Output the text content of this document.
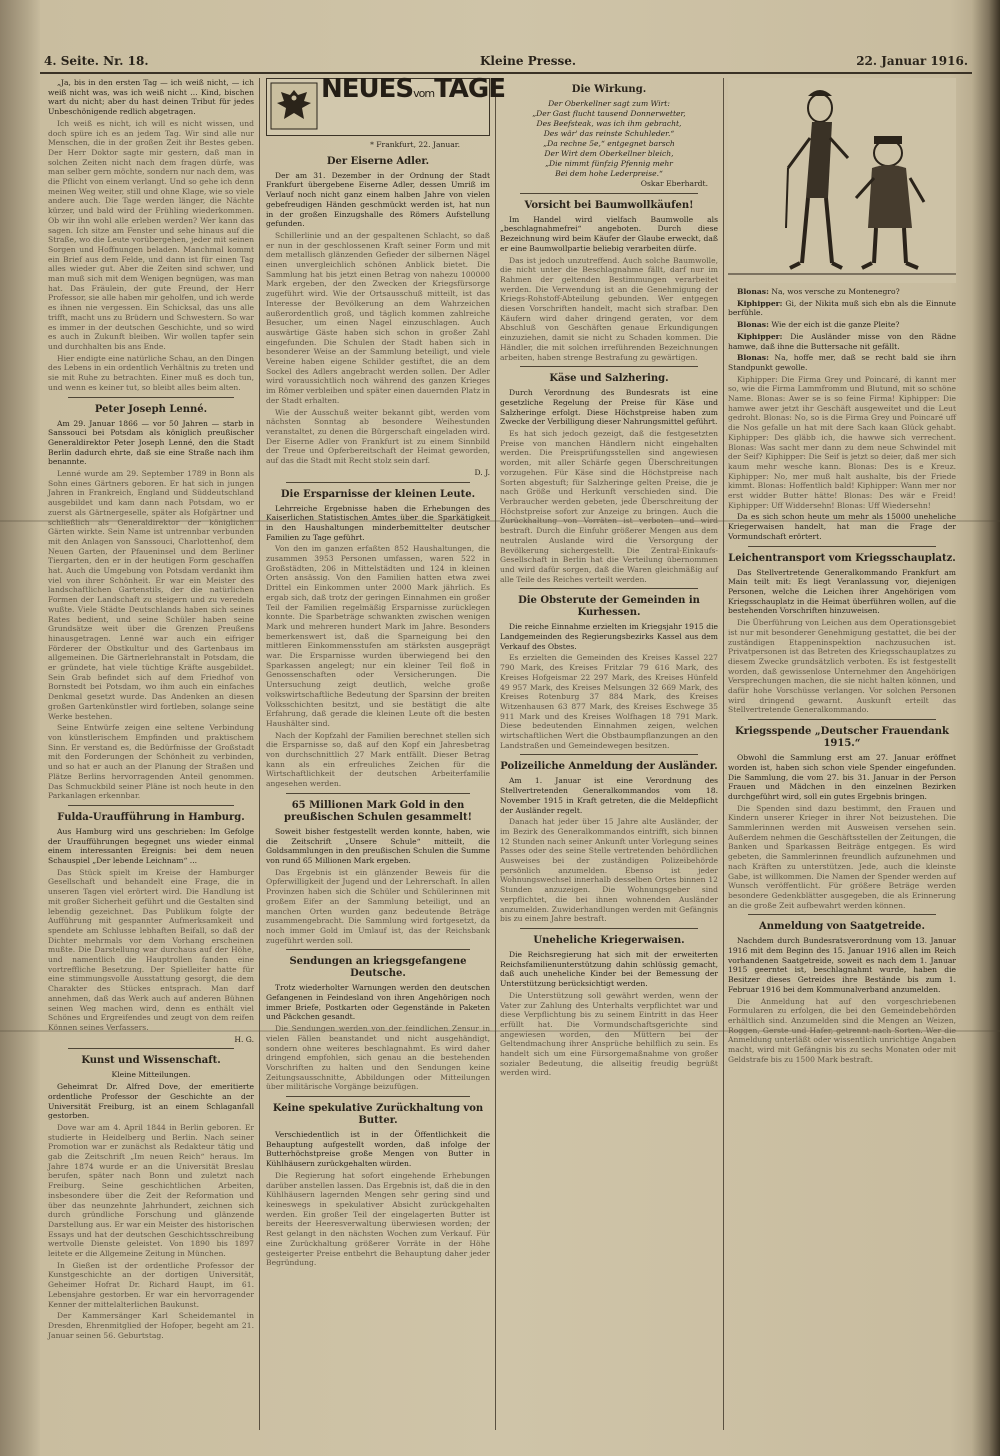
4. Seite. Nr. 18.	Kleine Presse.	22. Januar 1916.

„Ja, bis in den ersten Tag — ich weiß nicht, — ich weiß nicht was, was ich weiß nicht … Kind, bischen wart du nicht; aber du hast deinen Tribut für jedes Unbeschönigende redlich abgetragen.

Ich weiß es nicht, ich will es nicht wissen, und doch spüre ich es an jedem Tag. Wir sind alle nur Menschen, die in der großen Zeit ihr Bestes geben. Der Herr Doktor sagte mir gestern, daß man in solchen Zeiten nicht nach dem fragen dürfe, was man selber gern möchte, sondern nur nach dem, was die Pflicht von einem verlangt. Und so gehe ich denn meinen Weg weiter, still und ohne Klage, wie so viele andere auch. Die Tage werden länger, die Nächte kürzer, und bald wird der Frühling wiederkommen. Ob wir ihn wohl alle erleben werden? Wer kann das sagen. Ich sitze am Fenster und sehe hinaus auf die Straße, wo die Leute vorübergehen, jeder mit seinen Sorgen und Hoffnungen beladen. Manchmal kommt ein Brief aus dem Felde, und dann ist für einen Tag alles wieder gut. Aber die Zeiten sind schwer, und man muß sich mit dem Wenigen begnügen, was man hat. Das Fräulein, der gute Freund, der Herr Professor, sie alle haben mir geholfen, und ich werde es ihnen nie vergessen. Ein Schicksal, das uns alle trifft, macht uns zu Brüdern und Schwestern. So war es immer in der deutschen Geschichte, und so wird es auch in Zukunft bleiben. Wir wollen tapfer sein und durchhalten bis ans Ende.

Hier endigte eine natürliche Schau, an den Dingen des Lebens in ein ordentlich Verhältnis zu treten und sie mit Ruhe zu betrachten. Einer muß es doch tun, und wenn es keiner tut, so bleibt alles beim alten.

Peter Joseph Lenné.

Am 29. Januar 1866 — vor 50 Jahren — starb in Sanssouci bei Potsdam als königlich preußischer Generaldirektor Peter Joseph Lenné, den die Stadt Berlin dadurch ehrte, daß sie eine Straße nach ihm benannte.

Lenné wurde am 29. September 1789 in Bonn als Sohn eines Gärtners geboren. Er hat sich in jungen Jahren in Frankreich, England und Süddeutschland ausgebildet und kam dann nach Potsdam, wo er zuerst als Gärtnergeselle, später als Hofgärtner und schließlich als Generaldirektor der königlichen Gärten wirkte. Sein Name ist untrennbar verbunden mit den Anlagen von Sanssouci, Charlottenhof, dem Neuen Garten, der Pfaueninsel und dem Berliner Tiergarten, den er in der heutigen Form geschaffen hat. Auch die Umgebung von Potsdam verdankt ihm viel von ihrer Schönheit. Er war ein Meister des landschaftlichen Gartenstils, der die natürlichen Formen der Landschaft zu steigern und zu veredeln wußte. Viele Städte Deutschlands haben sich seines Rates bedient, und seine Schüler haben seine Grundsätze weit über die Grenzen Preußens hinausgetragen. Lenné war auch ein eifriger Förderer der Obstkultur und des Gartenbaus im allgemeinen. Die Gärtnerlehranstalt in Potsdam, die er gründete, hat viele tüchtige Kräfte ausgebildet. Sein Grab befindet sich auf dem Friedhof von Bornstedt bei Potsdam, wo ihm auch ein einfaches Denkmal gesetzt wurde. Das Andenken an diesen großen Gartenkünstler wird fortleben, solange seine Werke bestehen.

Seine Entwürfe zeigen eine seltene Verbindung von künstlerischem Empfinden und praktischem Sinn. Er verstand es, die Bedürfnisse der Großstadt mit den Forderungen der Schönheit zu verbinden, und so hat er auch an der Planung der Straßen und Plätze Berlins hervorragenden Anteil genommen. Das Schmuckbild seiner Pläne ist noch heute in den Parkanlagen erkennbar.

Fulda-Uraufführung in Hamburg.

Aus Hamburg wird uns geschrieben: Im Gefolge der Uraufführungen begegnet uns wieder einmal einem interessanten Ereignis: bei dem neuen Schauspiel „Der lebende Leichnam“ ...

Das Stück spielt im Kreise der Hamburger Gesellschaft und behandelt eine Frage, die in unseren Tagen viel erörtert wird. Die Handlung ist mit großer Sicherheit geführt und die Gestalten sind lebendig gezeichnet. Das Publikum folgte der Aufführung mit gespannter Aufmerksamkeit und spendete am Schlusse lebhaften Beifall, so daß der Dichter mehrmals vor dem Vorhang erscheinen mußte. Die Darstellung war durchaus auf der Höhe, und namentlich die Hauptrollen fanden eine vortreffliche Besetzung. Der Spielleiter hatte für eine stimmungsvolle Ausstattung gesorgt, die dem Charakter des Stückes entsprach. Man darf annehmen, daß das Werk auch auf anderen Bühnen seinen Weg machen wird, denn es enthält viel Schönes und Ergreifendes und zeugt von dem reifen Können seines Verfassers.

H. G.
Kunst und Wissenschaft.
Kleine Mitteilungen.

Geheimrat Dr. Alfred Dove, der emeritierte ordentliche Professor der Geschichte an der Universität Freiburg, ist an einem Schlaganfall gestorben.

Dove war am 4. April 1844 in Berlin geboren. Er studierte in Heidelberg und Berlin. Nach seiner Promotion war er zunächst als Redakteur tätig und gab die Zeitschrift „Im neuen Reich“ heraus. Im Jahre 1874 wurde er an die Universität Breslau berufen, später nach Bonn und zuletzt nach Freiburg. Seine geschichtlichen Arbeiten, insbesondere über die Zeit der Reformation und über das neunzehnte Jahrhundert, zeichnen sich durch gründliche Forschung und glänzende Darstellung aus. Er war ein Meister des historischen Essays und hat der deutschen Geschichtsschreibung wertvolle Dienste geleistet. Von 1890 bis 1897 leitete er die Allgemeine Zeitung in München.

In Gießen ist der ordentliche Professor der Kunstgeschichte an der dortigen Universität, Geheimer Hofrat Dr. Richard Haupt, im 61. Lebensjahre gestorben. Er war ein hervorragender Kenner der mittelalterlichen Baukunst.

Der Kammersänger Karl Scheidemantel in Dresden, Ehrenmitglied der Hofoper, begeht am 21. Januar seinen 56. Geburtstag.

NEUESvomTAGE
* Frankfurt, 22. Januar.
Der Eiserne Adler.

Der am 31. Dezember in der Ordnung der Stadt Frankfurt übergebene Eiserne Adler, dessen Umriß im Verlauf noch nicht ganz einem halben Jahre von vielen gebefreudigen Händen geschmückt werden ist, hat nun in der großen Einzugshalle des Römers Aufstellung gefunden.

Schillerlinie und an der gespaltenen Schlacht, so daß er nun in der geschlossenen Kraft seiner Form und mit dem metallisch glänzenden Gefieder der silbernen Nägel einen unvergleichlich schönen Anblick bietet. Die Sammlung hat bis jetzt einen Betrag von nahezu 100000 Mark ergeben, der den Zwecken der Kriegsfürsorge zugeführt wird. Wie der Ortsausschuß mitteilt, ist das Interesse der Bevölkerung an dem Wahrzeichen außerordentlich groß, und täglich kommen zahlreiche Besucher, um einen Nagel einzuschlagen. Auch auswärtige Gäste haben sich schon in großer Zahl eingefunden. Die Schulen der Stadt haben sich in besonderer Weise an der Sammlung beteiligt, und viele Vereine haben eigene Schilder gestiftet, die an dem Sockel des Adlers angebracht werden sollen. Der Adler wird voraussichtlich noch während des ganzen Krieges im Römer verbleiben und später einen dauernden Platz in der Stadt erhalten.

Wie der Ausschuß weiter bekannt gibt, werden vom nächsten Sonntag ab besondere Weihestunden veranstaltet, zu denen die Bürgerschaft eingeladen wird. Der Eiserne Adler von Frankfurt ist zu einem Sinnbild der Treue und Opferbereitschaft der Heimat geworden, auf das die Stadt mit Recht stolz sein darf.

D. J.
Die Ersparnisse der kleinen Leute.

Lehrreiche Ergebnisse haben die Erhebungen des Kaiserlichen Statistischen Amtes über die Sparkätigkeit in den Haushaltungen minderbemittelter deutscher Familien zu Tage geführt.

Von den im ganzen erfaßten 852 Haushaltungen, die zusammen 3953 Personen umfassen, waren 522 in Großstädten, 206 in Mittelstädten und 124 in kleinen Orten ansässig. Von den Familien hatten etwa zwei Drittel ein Einkommen unter 2000 Mark jährlich. Es ergab sich, daß trotz der geringen Einnahmen ein großer Teil der Familien regelmäßig Ersparnisse zurücklegen konnte. Die Sparbeträge schwankten zwischen wenigen Mark und mehreren hundert Mark im Jahre. Besonders bemerkenswert ist, daß die Sparneigung bei den mittleren Einkommensstufen am stärksten ausgeprägt war. Die Ersparnisse wurden überwiegend bei den Sparkassen angelegt; nur ein kleiner Teil floß in Genossenschaften oder Versicherungen. Die Untersuchung zeigt deutlich, welche große volkswirtschaftliche Bedeutung der Sparsinn der breiten Volksschichten besitzt, und sie bestätigt die alte Erfahrung, daß gerade die kleinen Leute oft die besten Haushälter sind.

Nach der Kopfzahl der Familien berechnet stellen sich die Ersparnisse so, daß auf den Kopf ein Jahresbetrag von durchschnittlich 27 Mark entfällt. Dieser Betrag kann als ein erfreuliches Zeichen für die Wirtschaftlichkeit der deutschen Arbeiterfamilie angesehen werden.

65 Millionen Mark Gold in den preußischen Schulen gesammelt!

Soweit bisher festgestellt werden konnte, haben, wie die Zeitschrift „Unsere Schule“ mitteilt, die Goldsammlungen in den preußischen Schulen die Summe von rund 65 Millionen Mark ergeben.

Das Ergebnis ist ein glänzender Beweis für die Opferwilligkeit der Jugend und der Lehrerschaft. In allen Provinzen haben sich die Schüler und Schülerinnen mit großem Eifer an der Sammlung beteiligt, und an manchen Orten wurden ganz bedeutende Beträge zusammengebracht. Die Sammlung wird fortgesetzt, da noch immer Gold im Umlauf ist, das der Reichsbank zugeführt werden soll.

Sendungen an kriegsgefangene Deutsche.

Trotz wiederholter Warnungen werden den deutschen Gefangenen in Feindesland von ihren Angehörigen noch immer Briefe, Postkarten oder Gegenstände in Paketen und Päckchen gesandt.

Die Sendungen werden von der feindlichen Zensur in vielen Fällen beanstandet und nicht ausgehändigt, sondern ohne weiteres beschlagnahmt. Es wird daher dringend empfohlen, sich genau an die bestehenden Vorschriften zu halten und den Sendungen keine Zeitungsausschnitte, Abbildungen oder Mitteilungen über militärische Vorgänge beizufügen.

Keine spekulative Zurückhaltung von Butter.

Verschiedentlich ist in der Öffentlichkeit die Behauptung aufgestellt worden, daß infolge der Butterhöchstpreise große Mengen von Butter in Kühlhäusern zurückgehalten würden.

Die Regierung hat sofort eingehende Erhebungen darüber anstellen lassen. Das Ergebnis ist, daß die in den Kühlhäusern lagernden Mengen sehr gering sind und keineswegs in spekulativer Absicht zurückgehalten werden. Ein großer Teil der eingelagerten Butter ist bereits der Heeresverwaltung überwiesen worden; der Rest gelangt in den nächsten Wochen zum Verkauf. Für eine Zurückhaltung größerer Vorräte in der Höhe gesteigerter Preise entbehrt die Behauptung daher jeder Begründung.

Die Wirkung.
Der Oberkellner sagt zum Wirt:
„Der Gast flucht tausend Donnerwetter,
Des Beefsteak, was ich ihm gebracht,
Des wär' das reinste Schuhleder.“
„Da rechne 5e,“ entgegnet barsch
Der Wirt dem Oberkellner bleich,
„Die nimmt fünfzig Pfennig mehr
Bei dem hohe Lederpreise.“
Oskar Eberhardt.
Vorsicht bei Baumwollkäufen!

Im Handel wird vielfach Baumwolle als „beschlagnahmefrei“ angeboten. Durch diese Bezeichnung wird beim Käufer der Glaube erweckt, daß er eine Baumwollpartie beliebig verarbeiten dürfe.

Das ist jedoch unzutreffend. Auch solche Baumwolle, die nicht unter die Beschlagnahme fällt, darf nur im Rahmen der geltenden Bestimmungen verarbeitet werden. Die Verwendung ist an die Genehmigung der Kriegs-Rohstoff-Abteilung gebunden. Wer entgegen diesen Vorschriften handelt, macht sich strafbar. Den Käufern wird daher dringend geraten, vor dem Abschluß von Geschäften genaue Erkundigungen einzuziehen, damit sie nicht zu Schaden kommen. Die Händler, die mit solchen irreführenden Bezeichnungen arbeiten, haben strenge Bestrafung zu gewärtigen.

Käse und Salzhering.

Durch Verordnung des Bundesrats ist eine gesetzliche Regelung der Preise für Käse und Salzheringe erfolgt. Diese Höchstpreise haben zum Zwecke der Verbilligung dieser Nahrungsmittel geführt.

Es hat sich jedoch gezeigt, daß die festgesetzten Preise von manchen Händlern nicht eingehalten werden. Die Preisprüfungsstellen sind angewiesen worden, mit aller Schärfe gegen Überschreitungen vorzugehen. Für Käse sind die Höchstpreise nach Sorten abgestuft; für Salzheringe gelten Preise, die je nach Größe und Herkunft verschieden sind. Die Verbraucher werden gebeten, jede Überschreitung der Höchstpreise sofort zur Anzeige zu bringen. Auch die Zurückhaltung von Vorräten ist verboten und wird bestraft. Durch die Einfuhr größerer Mengen aus dem neutralen Auslande wird die Versorgung der Bevölkerung sichergestellt. Die Zentral-Einkaufs-Gesellschaft in Berlin hat die Verteilung übernommen und wird dafür sorgen, daß die Waren gleichmäßig auf alle Teile des Reiches verteilt werden.

Die Obsterute der Gemeinden in Kurhessen.

Die reiche Einnahme erzielten im Kriegsjahr 1915 die Landgemeinden des Regierungsbezirks Kassel aus dem Verkauf des Obstes.

Es erzielten die Gemeinden des Kreises Kassel 227 790 Mark, des Kreises Fritzlar 79 616 Mark, des Kreises Hofgeismar 22 297 Mark, des Kreises Hünfeld 49 957 Mark, des Kreises Melsungen 32 669 Mark, des Kreises Rotenburg 37 884 Mark, des Kreises Witzenhausen 63 877 Mark, des Kreises Eschwege 35 911 Mark und des Kreises Wolfhagen 18 791 Mark. Diese bedeutenden Einnahmen zeigen, welchen wirtschaftlichen Wert die Obstbaumpflanzungen an den Landstraßen und Gemeindewegen besitzen.

Polizeiliche Anmeldung der Ausländer.

Am 1. Januar ist eine Verordnung des Stellvertretenden Generalkommandos vom 18. November 1915 in Kraft getreten, die die Meldepflicht der Ausländer regelt.

Danach hat jeder über 15 Jahre alte Ausländer, der im Bezirk des Generalkommandos eintrifft, sich binnen 12 Stunden nach seiner Ankunft unter Vorlegung seines Passes oder des seine Stelle vertretenden behördlichen Ausweises bei der zuständigen Polizeibehörde persönlich anzumelden. Ebenso ist jeder Wohnungswechsel innerhalb desselben Ortes binnen 12 Stunden anzuzeigen. Die Wohnungsgeber sind verpflichtet, die bei ihnen wohnenden Ausländer anzumelden. Zuwiderhandlungen werden mit Gefängnis bis zu einem Jahre bestraft.

Uneheliche Kriegerwaisen.

Die Reichsregierung hat sich mit der erweiterten Reichsfamilienunterstützung dahin schlüssig gemacht, daß auch uneheliche Kinder bei der Bemessung der Unterstützung berücksichtigt werden.

Die Unterstützung soll gewährt werden, wenn der Vater zur Zahlung des Unterhalts verpflichtet war und diese Verpflichtung bis zu seinem Eintritt in das Heer erfüllt hat. Die Vormundschaftsgerichte sind angewiesen worden, den Müttern bei der Geltendmachung ihrer Ansprüche behilflich zu sein. Es handelt sich um eine Fürsorgemaßnahme von großer sozialer Bedeutung, die allseitig freudig begrüßt werden wird.

Blonas: Na, wos versche zu Montenegro?

Kiphipper: Gi, der Nikita muß sich ebn als die Einnute berfühle.

Blonas: Wie der eich ist die ganze Pleite?

Kiphipper: Die Ausländer misse von den Rädne hamwe, daß ihne die Buttersache nit gefällt.

Blonas: Na, hoffe mer, daß se recht bald sie ihrn Standpunkt gewolle.

Kiphipper: Die Firma Grey und Poincaré, di kannt mer so, wie die Firma Lammfromm und Blutund, mit so schöne Name. Blonas: Awer se is so feine Firma! Kiphipper: Die hamwe awer jetzt ihr Geschäft ausgeweitet und die Leut gedroht. Blonas: No, so is die Firma Grey und Poincaré uff die Nos gefalle un hat mit dere Sach kaan Glück gehabt. Kiphipper: Des gläbb ich, die hawwe sich verrechent. Blonas: Was sacht mer dann zu dem neue Schwindel mit der Seif? Kiphipper: Die Seif is jetzt so deier, daß mer sich kaum mehr wesche kann. Blonas: Des is e Kreuz. Kiphipper: No, mer muß halt aushalte, bis der Friede kimmt. Blonas: Hoffentlich bald! Kiphipper: Wann mer nor erst widder Butter hätte! Blonas: Des wär e Freid! Kiphipper: Uff Widdersehn! Blonas: Uff Wiedersehn!

Da es sich schon heute um mehr als 15000 uneheliche Kriegerwaisen handelt, hat man die Frage der Vormundschaft erörtert.

Leichentransport vom Kriegsschauplatz.

Das Stellvertretende Generalkommando Frankfurt am Main teilt mit: Es liegt Veranlassung vor, diejenigen Personen, welche die Leichen ihrer Angehörigen vom Kriegsschauplatz in die Heimat überführen wollen, auf die bestehenden Vorschriften hinzuweisen.

Die Überführung von Leichen aus dem Operationsgebiet ist nur mit besonderer Genehmigung gestattet, die bei der zuständigen Etappeninspektion nachzusuchen ist. Privatpersonen ist das Betreten des Kriegsschauplatzes zu diesem Zwecke grundsätzlich verboten. Es ist festgestellt worden, daß gewissenlose Unternehmer den Angehörigen Versprechungen machen, die sie nicht halten können, und dafür hohe Vorschüsse verlangen. Vor solchen Personen wird dringend gewarnt. Auskunft erteilt das Stellvertretende Generalkommando.

Kriegsspende „Deutscher Frauendank 1915.“

Obwohl die Sammlung erst am 27. Januar eröffnet worden ist, haben sich schon viele Spender eingefunden. Die Sammlung, die vom 27. bis 31. Januar in der Person Frauen und Mädchen in den einzelnen Bezirken durchgeführt wird, soll ein gutes Ergebnis bringen.

Die Spenden sind dazu bestimmt, den Frauen und Kindern unserer Krieger in ihrer Not beizustehen. Die Sammlerinnen werden mit Ausweisen versehen sein. Außerdem nehmen die Geschäftsstellen der Zeitungen, die Banken und Sparkassen Beiträge entgegen. Es wird gebeten, die Sammlerinnen freundlich aufzunehmen und nach Kräften zu unterstützen. Jede, auch die kleinste Gabe, ist willkommen. Die Namen der Spender werden auf Wunsch veröffentlicht. Für größere Beträge werden besondere Gedenkblätter ausgegeben, die als Erinnerung an die große Zeit aufbewahrt werden können.

Anmeldung von Saatgetreide.

Nachdem durch Bundesratsverordnung vom 13. Januar 1916 mit dem Beginn des 15. Januar 1916 allen im Reich vorhandenen Saatgetreide, soweit es nach dem 1. Januar 1915 geerntet ist, beschlagnahmt wurde, haben die Besitzer dieses Getreides ihre Bestände bis zum 1. Februar 1916 bei dem Kommunalverband anzumelden.

Die Anmeldung hat auf den vorgeschriebenen Formularen zu erfolgen, die bei den Gemeindebehörden erhältlich sind. Anzumelden sind die Mengen an Weizen, Roggen, Gerste und Hafer, getrennt nach Sorten. Wer die Anmeldung unterläßt oder wissentlich unrichtige Angaben macht, wird mit Gefängnis bis zu sechs Monaten oder mit Geldstrafe bis zu 1500 Mark bestraft.
